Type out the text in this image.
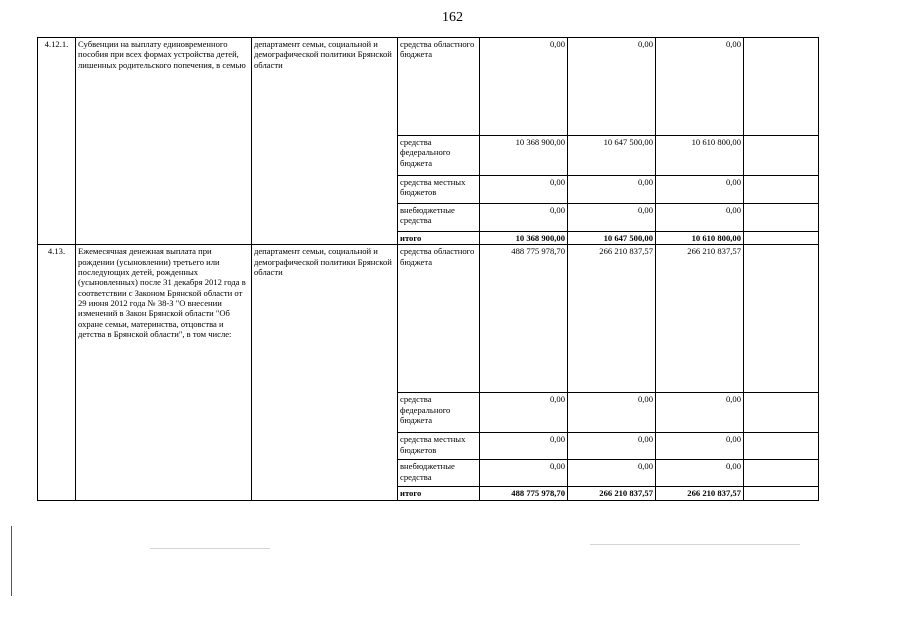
162
4.12.1.	Субвенции на выплату единовременного пособия при всех формах устройства детей, лишенных родительского попечения, в семью	департамент семьи, социальной и демографической политики Брянской области	средства областного бюджета	0,00	0,00	0,00	
			средства федерального бюджета	10 368 900,00	10 647 500,00	10 610 800,00	
			средства местных бюджетов	0,00	0,00	0,00	
			внебюджетные средства	0,00	0,00	0,00	
			итого	10 368 900,00	10 647 500,00	10 610 800,00	
4.13.	Ежемесячная денежная выплата при рождении (усыновлении) третьего или последующих детей, рожденных (усыновленных) после 31 декабря 2012 года в соответствии с Законом Брянской области от 29 июня 2012 года № 38-З "О внесении изменений в Закон Брянской области "Об охране семьи, материнства, отцовства и детства в Брянской области", в том числе:	департамент семьи, социальной и демографической политики Брянской области	средства областного бюджета	488 775 978,70	266 210 837,57	266 210 837,57	
			средства федерального бюджета	0,00	0,00	0,00	
			средства местных бюджетов	0,00	0,00	0,00	
			внебюджетные средства	0,00	0,00	0,00	
			итого	488 775 978,70	266 210 837,57	266 210 837,57	
